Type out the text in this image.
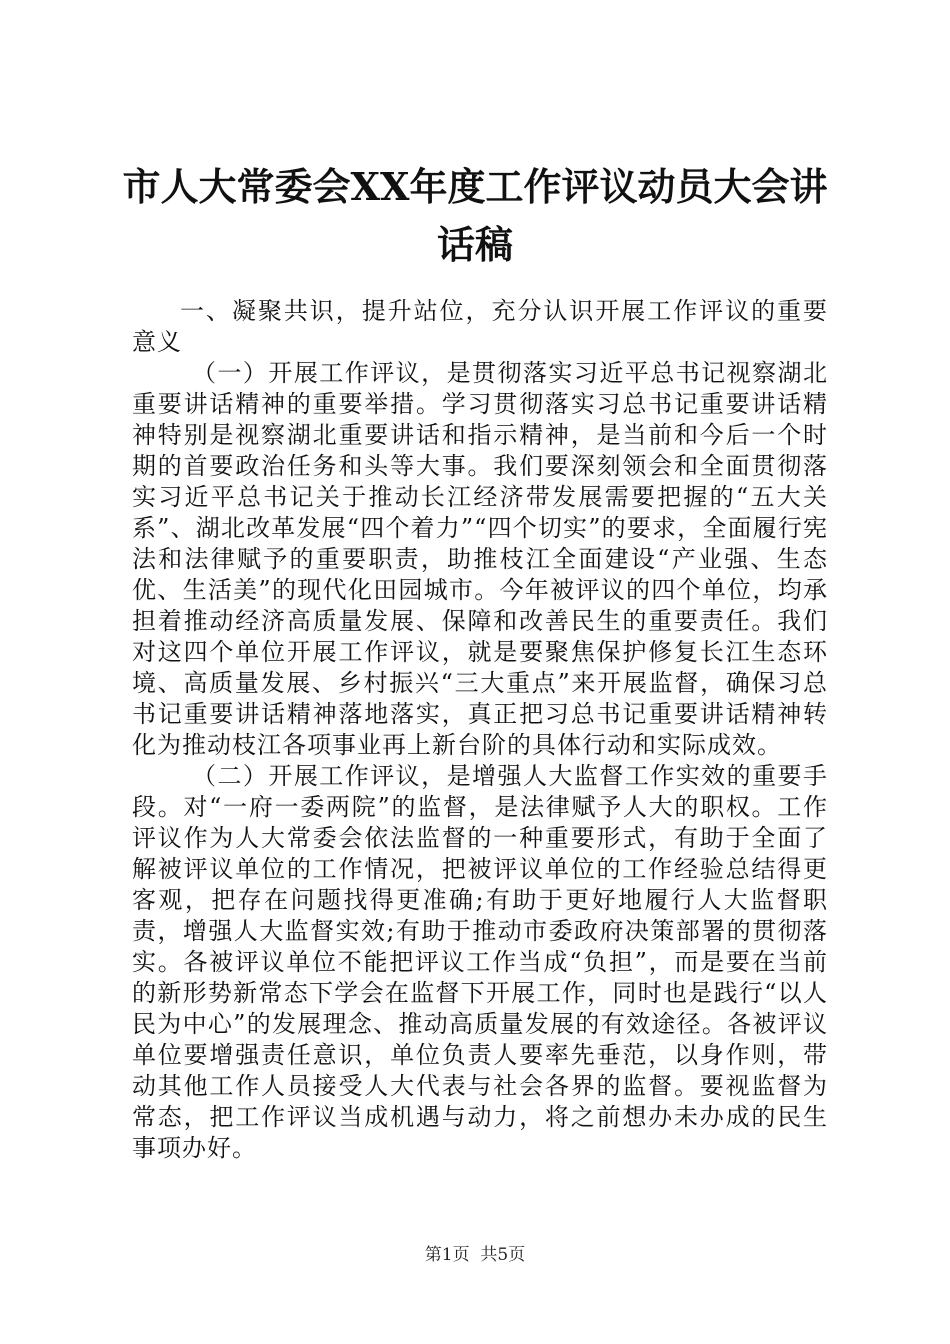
市人大常委会XX年度工作评议动员大会讲话稿

一、凝聚共识，提升站位，充分认识开展工作评议的重要意义

（一）开展工作评议，是贯彻落实习近平总书记视察湖北重要讲话精神的重要举措。学习贯彻落实习总书记重要讲话精神特别是视察湖北重要讲话和指示精神，是当前和今后一个时期的首要政治任务和头等大事。我们要深刻领会和全面贯彻落实习近平总书记关于推动长江经济带发展需要把握的“五大关系”、湖北改革发展“四个着力”“四个切实”的要求，全面履行宪法和法律赋予的重要职责，助推枝江全面建设“产业强、生态优、生活美”的现代化田园城市。今年被评议的四个单位，均承担着推动经济高质量发展、保障和改善民生的重要责任。我们对这四个单位开展工作评议，就是要聚焦保护修复长江生态环境、高质量发展、乡村振兴“三大重点”来开展监督，确保习总书记重要讲话精神落地落实，真正把习总书记重要讲话精神转化为推动枝江各项事业再上新台阶的具体行动和实际成效。

（二）开展工作评议，是增强人大监督工作实效的重要手段。对“一府一委两院”的监督，是法律赋予人大的职权。工作评议作为人大常委会依法监督的一种重要形式，有助于全面了解被评议单位的工作情况，把被评议单位的工作经验总结得更客观，把存在问题找得更准确;有助于更好地履行人大监督职责，增强人大监督实效;有助于推动市委政府决策部署的贯彻落实。各被评议单位不能把评议工作当成“负担”，而是要在当前的新形势新常态下学会在监督下开展工作，同时也是践行“以人民为中心”的发展理念、推动高质量发展的有效途径。各被评议单位要增强责任意识，单位负责人要率先垂范，以身作则，带动其他工作人员接受人大代表与社会各界的监督。要视监督为常态，把工作评议当成机遇与动力，将之前想办未办成的民生事项办好。

第1页  共5页
